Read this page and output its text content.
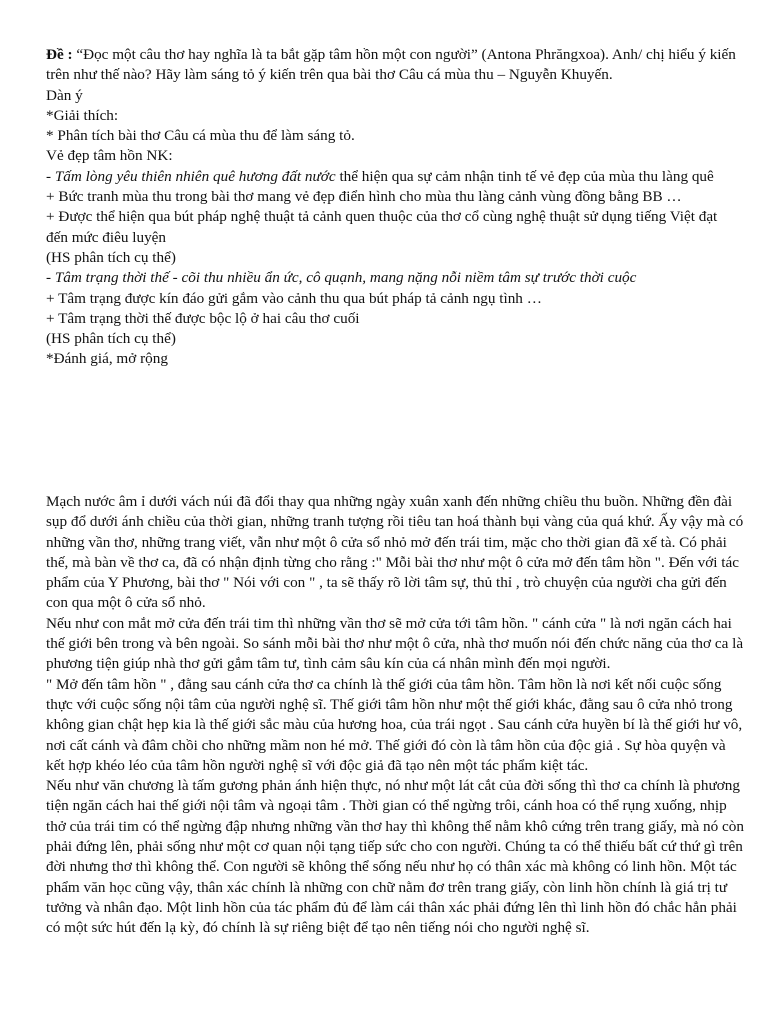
Đề : “Đọc một câu thơ hay nghĩa là ta bắt gặp tâm hồn một con người” (Antona Phrăngxoa). Anh/ chị hiểu ý kiến trên như thế nào? Hãy làm sáng tỏ ý kiến trên qua bài thơ Câu cá mùa thu – Nguyễn Khuyến.

Dàn ý

*Giải thích:

* Phân tích bài thơ Câu cá mùa thu để làm sáng tỏ.

Vẻ đẹp tâm hồn NK:

- Tấm lòng yêu thiên nhiên quê hương đất nước thể hiện qua sự cảm nhận tinh tế vẻ đẹp của mùa thu làng quê

+ Bức tranh mùa thu trong bài thơ mang vẻ đẹp điển hình cho mùa thu làng cảnh vùng đồng bằng BB …

+ Được thể hiện qua bút pháp nghệ thuật tả cảnh quen thuộc của thơ cổ cùng nghệ thuật sử dụng tiếng Việt đạt đến mức điêu luyện

(HS phân tích cụ thể)

- Tâm trạng thời thế - cõi thu nhiều ẩn ức, cô quạnh, mang nặng nỗi niềm tâm sự trước thời cuộc

+ Tâm trạng được kín đáo gửi gắm vào cảnh thu qua bút pháp tả cảnh ngụ tình …

+ Tâm trạng thời thế được bộc lộ ở hai câu thơ cuối

(HS phân tích cụ thể)

*Đánh giá, mở rộng

Mạch nước âm ỉ dưới vách núi đã đổi thay qua những ngày xuân xanh đến những chiều thu buồn. Những đền đài sụp đổ dưới ánh chiều của thời gian, những tranh tượng rồi tiêu tan hoá thành bụi vàng của quá khứ. Ấy vậy mà có những vần thơ, những trang viết, vẫn như một ô cửa sổ nhỏ mở đến trái tim, mặc cho thời gian đã xế tà. Có phải thế, mà bàn về thơ ca, đã có nhận định từng cho rằng :" Mỗi bài thơ như một ô cửa mở đến tâm hồn ". Đến với tác phẩm của Y Phương, bài thơ " Nói với con " , ta sẽ thấy rõ lời tâm sự, thủ thỉ , trò chuyện của người cha gửi đến con qua một ô cửa sổ nhỏ.

Nếu như con mắt mở cửa đến trái tim thì những vần thơ sẽ mở cửa tới tâm hồn. " cánh cửa " là nơi ngăn cách hai thế giới bên trong và bên ngoài. So sánh mỗi bài thơ như một ô cửa, nhà thơ muốn nói đến chức năng của thơ ca là phương tiện giúp nhà thơ gửi gắm tâm tư, tình cảm sâu kín của cá nhân mình đến mọi người.

" Mở đến tâm hồn " , đằng sau cánh cửa thơ ca chính là thế giới của tâm hồn. Tâm hồn là nơi kết nối cuộc sống thực với cuộc sống nội tâm của người nghệ sĩ. Thế giới tâm hồn như một thế giới khác, đằng sau ô cửa nhỏ trong không gian chật hẹp kia là thế giới sắc màu của hương hoa, của trái ngọt . Sau cánh cửa huyền bí là thế giới hư vô, nơi cất cánh và đâm chồi cho những mầm non hé mở. Thế giới đó còn là tâm hồn của độc giả . Sự hòa quyện và kết hợp khéo léo của tâm hồn người nghệ sĩ với độc giả đã tạo nên một tác phẩm kiệt tác.

Nếu như văn chương là tấm gương phản ánh hiện thực, nó như một lát cắt của đời sống thì thơ ca chính là phương tiện ngăn cách hai thế giới nội tâm và ngoại tâm . Thời gian có thể ngừng trôi, cánh hoa có thể rụng xuống, nhịp thở của trái tim có thể ngừng đập nhưng những vần thơ hay thì không thể nằm khô cứng trên trang giấy, mà nó còn phải đứng lên, phải sống như một cơ quan nội tạng tiếp sức cho con người. Chúng ta có thể thiếu bất cứ thứ gì trên đời nhưng thơ thì không thể. Con người sẽ không thể sống nếu như họ có thân xác mà không có linh hồn. Một tác phẩm văn học cũng vậy, thân xác chính là những con chữ nằm đơ trên trang giấy, còn linh hồn chính là giá trị tư tưởng và nhân đạo. Một linh hồn của tác phẩm đủ để làm cái thân xác phải đứng lên thì linh hồn đó chắc hẳn phải có một sức hút đến lạ kỳ, đó chính là sự riêng biệt để tạo nên tiếng nói cho người nghệ sĩ.
